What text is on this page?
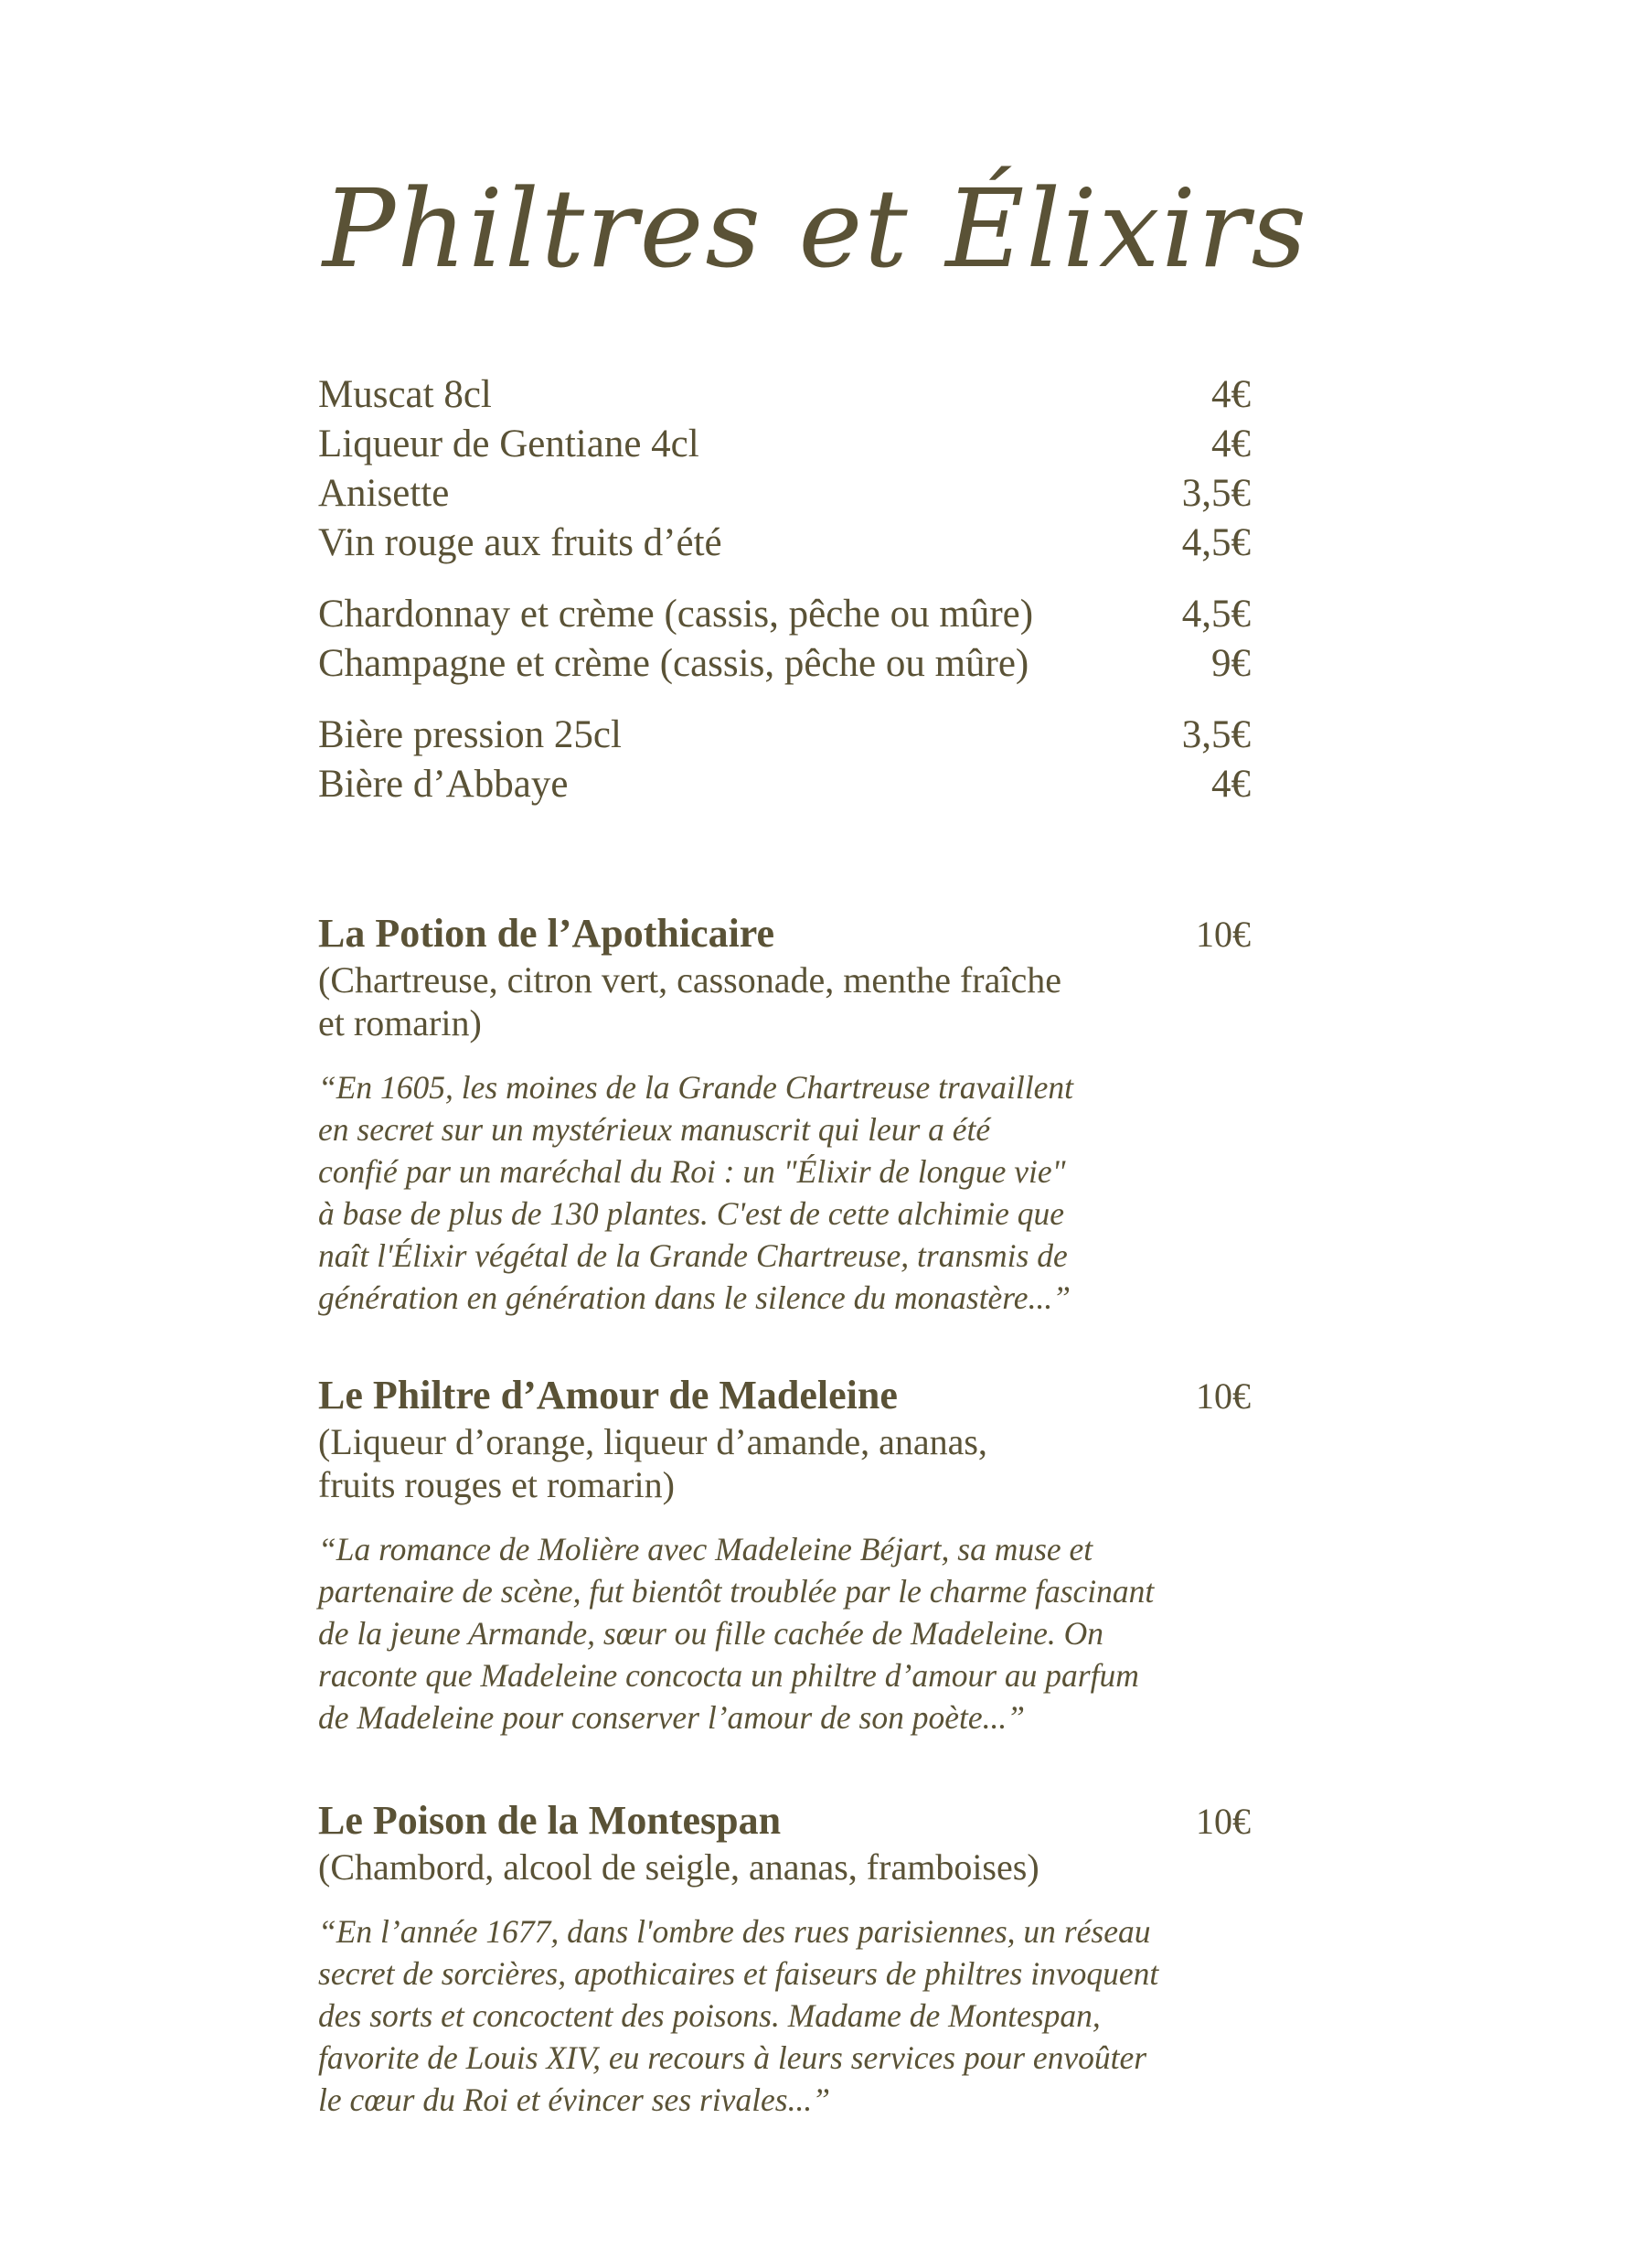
Philtres et Élixirs
Muscat 8cl	4€
Liqueur de Gentiane 4cl	4€
Anisette	3,5€
Vin rouge aux fruits d’été	4,5€
Chardonnay et crème (cassis, pêche ou mûre)	4,5€
Champagne et crème (cassis, pêche ou mûre)	9€
Bière pression 25cl	3,5€
Bière d’Abbaye	4€
La Potion de l’Apothicaire	10€
(Chartreuse, citron vert, cassonade, menthe fraîche
et romarin)
“En 1605, les moines de la Grande Chartreuse travaillent
en secret sur un mystérieux manuscrit qui leur a été
confié par un maréchal du Roi : un "Élixir de longue vie"
à base de plus de 130 plantes. C'est de cette alchimie que
naît l'Élixir végétal de la Grande Chartreuse, transmis de
génération en génération dans le silence du monastère...”
Le Philtre d’Amour de Madeleine	10€
(Liqueur d’orange, liqueur d’amande, ananas,
fruits rouges et romarin)
“La romance de Molière avec Madeleine Béjart, sa muse et
partenaire de scène, fut bientôt troublée par le charme fascinant
de la jeune Armande, sœur ou fille cachée de Madeleine. On
raconte que Madeleine concocta un philtre d’amour au parfum
de Madeleine pour conserver l’amour de son poète...”
Le Poison de la Montespan	10€
(Chambord, alcool de seigle, ananas, framboises)
“En l’année 1677, dans l'ombre des rues parisiennes, un réseau
secret de sorcières, apothicaires et faiseurs de philtres invoquent
des sorts et concoctent des poisons. Madame de Montespan,
favorite de Louis XIV, eu recours à leurs services pour envoûter
le cœur du Roi et évincer ses rivales...”
